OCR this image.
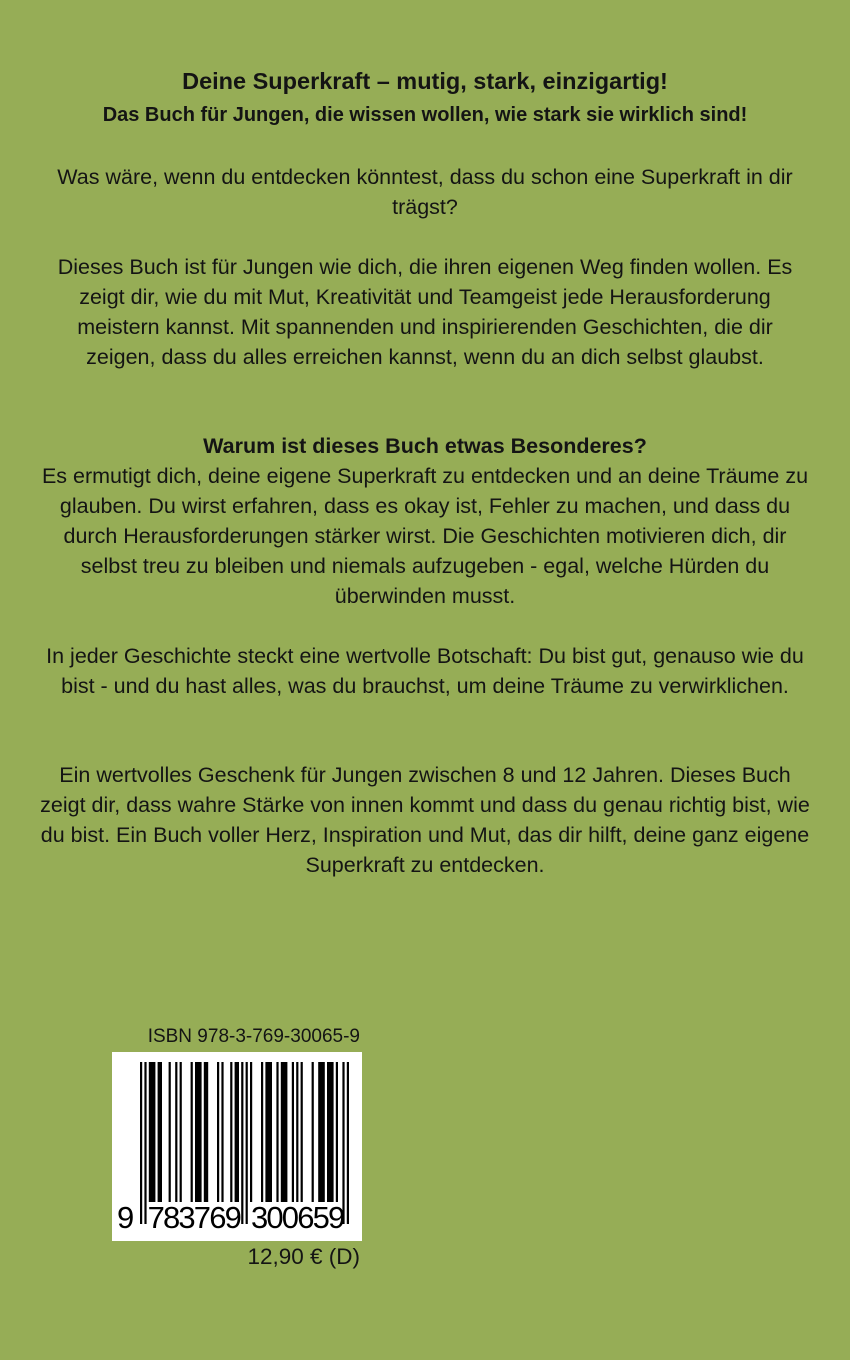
Deine Superkraft – mutig, stark, einzigartig!
Das Buch für Jungen, die wissen wollen, wie stark sie wirklich sind!
Was wäre, wenn du entdecken könntest, dass du schon eine Superkraft in dir trägst?
Dieses Buch ist für Jungen wie dich, die ihren eigenen Weg finden wollen. Es zeigt dir, wie du mit Mut, Kreativität und Teamgeist jede Herausforderung meistern kannst. Mit spannenden und inspirierenden Geschichten, die dir zeigen, dass du alles erreichen kannst, wenn du an dich selbst glaubst.
Warum ist dieses Buch etwas Besonderes?
Es ermutigt dich, deine eigene Superkraft zu entdecken und an deine Träume zu glauben. Du wirst erfahren, dass es okay ist, Fehler zu machen, und dass du durch Herausforderungen stärker wirst. Die Geschichten motivieren dich, dir selbst treu zu bleiben und niemals aufzugeben - egal, welche Hürden du überwinden musst.
In jeder Geschichte steckt eine wertvolle Botschaft: Du bist gut, genauso wie du bist - und du hast alles, was du brauchst, um deine Träume zu verwirklichen.
Ein wertvolles Geschenk für Jungen zwischen 8 und 12 Jahren. Dieses Buch zeigt dir, dass wahre Stärke von innen kommt und dass du genau richtig bist, wie du bist. Ein Buch voller Herz, Inspiration und Mut, das dir hilft, deine ganz eigene Superkraft zu entdecken.
ISBN 978-3-769-30065-9
9 7
8
3
7
6
9 3
0
0
6
5
9
12,90 € (D)
